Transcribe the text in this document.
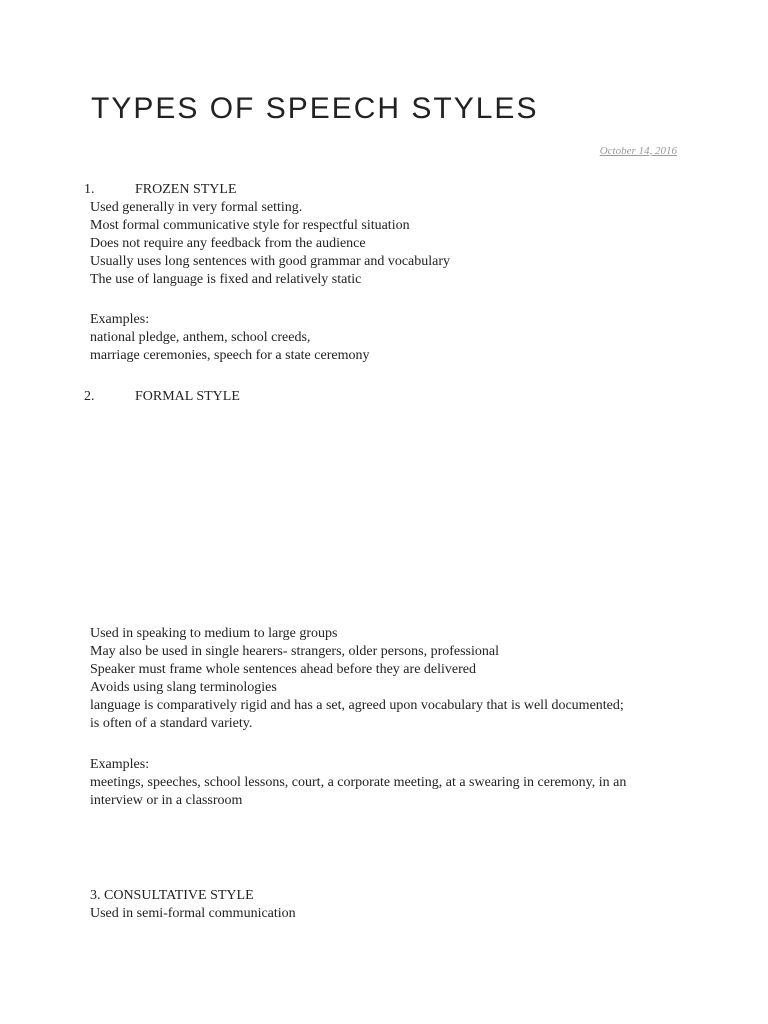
TYPES OF SPEECH STYLES
October 14, 2016
1.	FROZEN STYLE
Used generally in very formal setting.
Most formal communicative style for respectful situation
Does not require any feedback from the audience
Usually uses long sentences with good grammar and vocabulary
The use of language is fixed and relatively static
Examples:
national pledge, anthem, school creeds,
marriage ceremonies, speech for a state ceremony
2.	FORMAL STYLE
Used in speaking to medium to large groups
May also be used in single hearers- strangers, older persons, professional
Speaker must frame whole sentences ahead before they are delivered
Avoids using slang terminologies
language is comparatively rigid and has a set, agreed upon vocabulary that is well documented;
is often of a standard variety.
Examples:
meetings, speeches, school lessons, court, a corporate meeting, at a swearing in ceremony, in an
interview or in a classroom
3. CONSULTATIVE STYLE
Used in semi-formal communication
